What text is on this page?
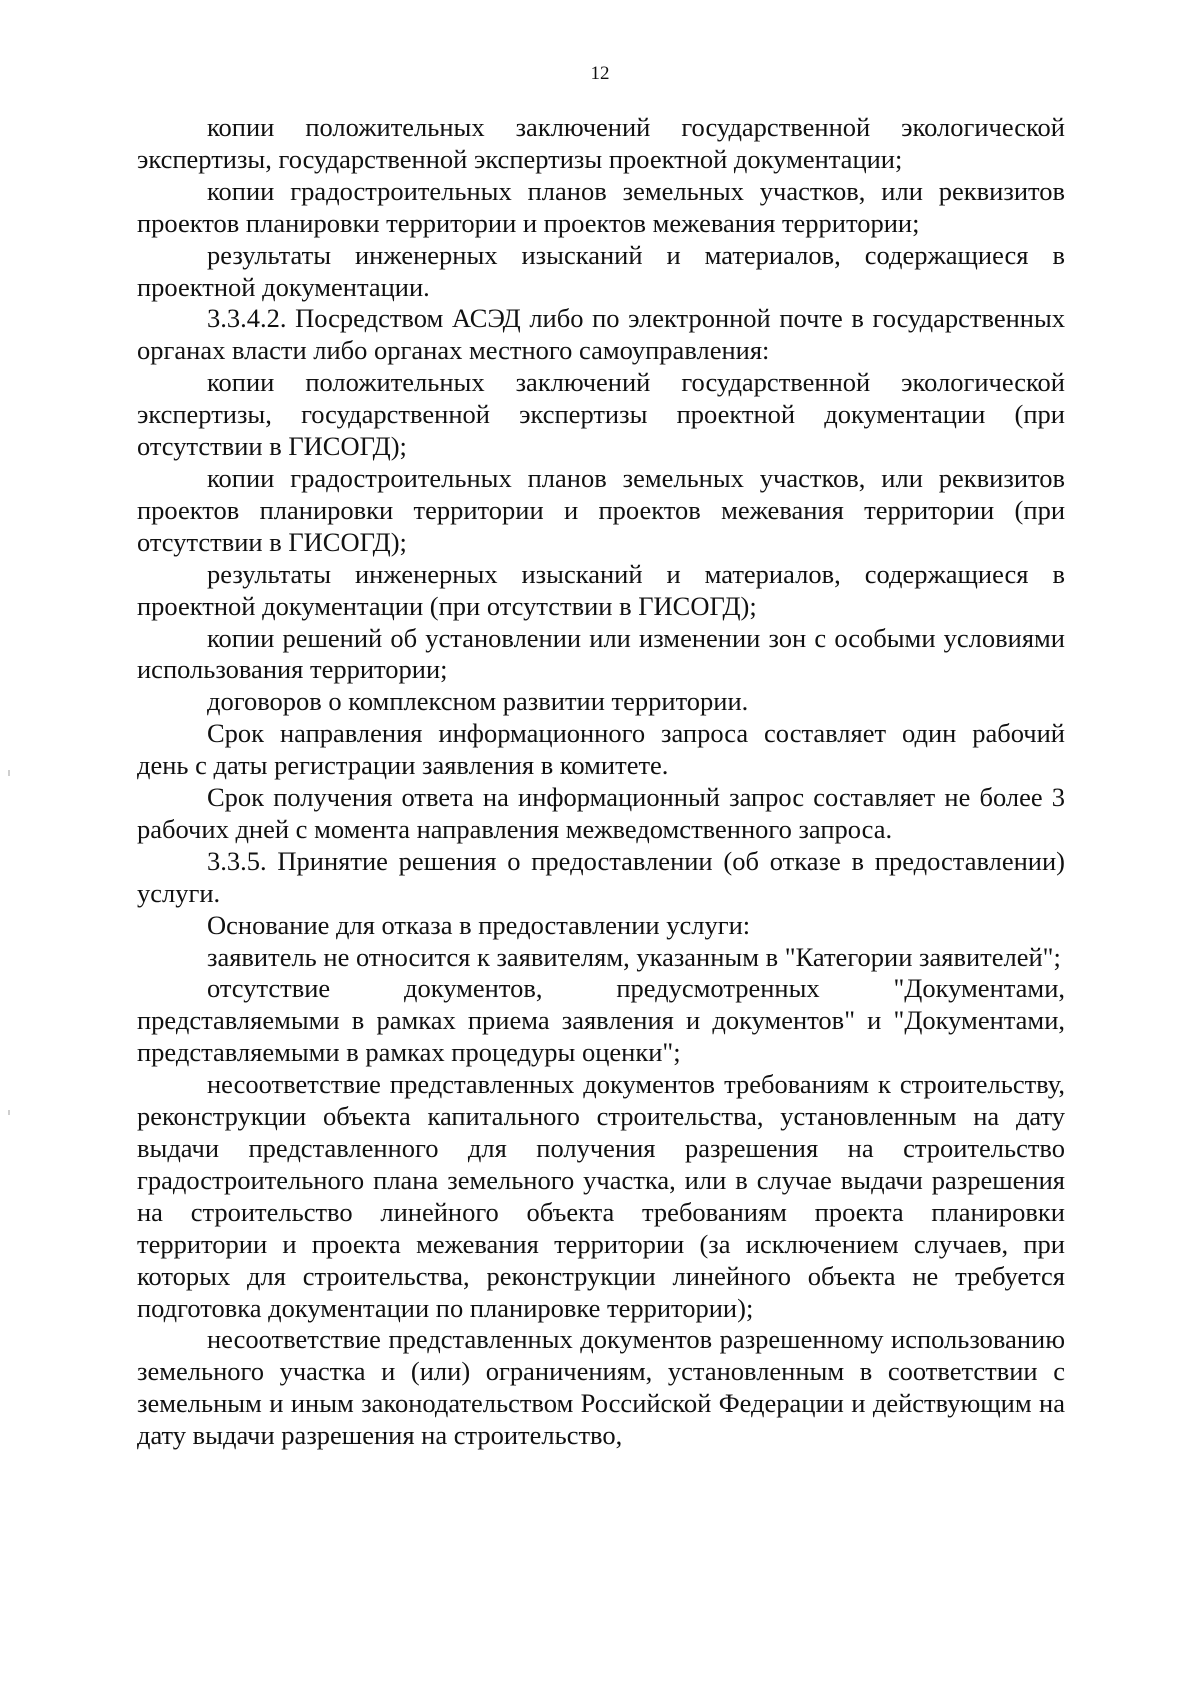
12

копии положительных заключений государственной экологической экспертизы, государственной экспертизы проектной документации;

копии градостроительных планов земельных участков, или реквизитов проектов планировки территории и проектов межевания территории;

результаты инженерных изысканий и материалов, содержащиеся в проектной документации.

3.3.4.2. Посредством АСЭД либо по электронной почте в государственных органах власти либо органах местного самоуправления:

копии положительных заключений государственной экологической экспертизы, государственной экспертизы проектной документации (при отсутствии в ГИСОГД);

копии градостроительных планов земельных участков, или реквизитов проектов планировки территории и проектов межевания территории (при отсутствии в ГИСОГД);

результаты инженерных изысканий и материалов, содержащиеся в проектной документации (при отсутствии в ГИСОГД);

копии решений об установлении или изменении зон с особыми условиями использования территории;

договоров о комплексном развитии территории.

Срок направления информационного запроса составляет один рабочий день с даты регистрации заявления в комитете.

Срок получения ответа на информационный запрос составляет не более 3 рабочих дней с момента направления межведомственного запроса.

3.3.5. Принятие решения о предоставлении (об отказе в предоставлении) услуги.

Основание для отказа в предоставлении услуги:

заявитель не относится к заявителям, указанным в "Категории заявителей";

отсутствие документов, предусмотренных "Документами, представляемыми в рамках приема заявления и документов" и "Документами, представляемыми в рамках процедуры оценки";

несоответствие представленных документов требованиям к строительству, реконструкции объекта капитального строительства, установленным на дату выдачи представленного для получения разрешения на строительство градостроительного плана земельного участка, или в случае выдачи разрешения на строительство линейного объекта требованиям проекта планировки территории и проекта межевания территории (за исключением случаев, при которых для строительства, реконструкции линейного объекта не требуется подготовка документации по планировке территории);

несоответствие представленных документов разрешенному использованию земельного участка и (или) ограничениям, установленным в соответствии с земельным и иным законодательством Российской Федерации и действующим на дату выдачи разрешения на строительство,
